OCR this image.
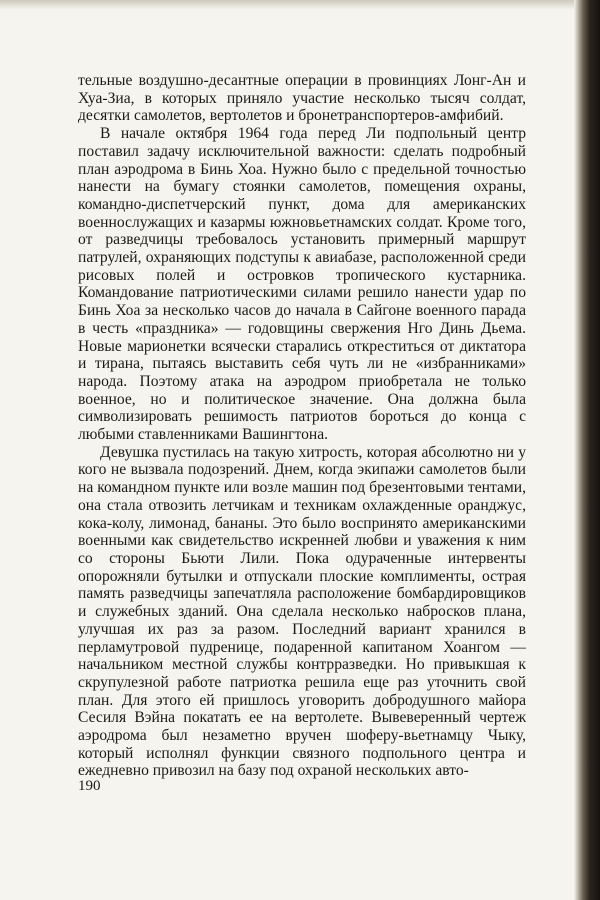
тельные воздушно-десантные операции в провинциях Лонг-Ан и Хуа-Зиа, в которых приняло участие несколько тысяч солдат, десятки самолетов, вертолетов и бронетранспортеров-амфибий.

В начале октября 1964 года перед Ли подпольный центр поставил задачу исключительной важности: сделать подробный план аэродрома в Бинь Хоа. Нужно было с предельной точностью нанести на бумагу стоянки самолетов, помещения охраны, командно-диспетчерский пункт, дома для американских военнослужащих и казармы южновьетнамских солдат. Кроме того, от разведчицы требовалось установить примерный маршрут патрулей, охраняющих подступы к авиабазе, расположенной среди рисовых полей и островков тропического кустарника. Командование патриотическими силами решило нанести удар по Бинь Хоа за несколько часов до начала в Сайгоне военного парада в честь «праздника» — годовщины свержения Нго Динь Дьема. Новые марионетки всячески старались откреститься от диктатора и тирана, пытаясь выставить себя чуть ли не «избранниками» народа. Поэтому атака на аэродром приобретала не только военное, но и политическое значение. Она должна была символизировать решимость патриотов бороться до конца с любыми ставленниками Вашингтона.

Девушка пустилась на такую хитрость, которая абсолютно ни у кого не вызвала подозрений. Днем, когда экипажи самолетов были на командном пункте или возле машин под брезентовыми тентами, она стала отвозить летчикам и техникам охлажденные оранджус, кока-колу, лимонад, бананы. Это было воспринято американскими военными как свидетельство искренней любви и уважения к ним со стороны Бьюти Лили. Пока одураченные интервенты опорожняли бутылки и отпускали плоские комплименты, острая память разведчицы запечатляла расположение бомбардировщиков и служебных зданий. Она сделала несколько набросков плана, улучшая их раз за разом. Последний вариант хранился в перламутровой пудренице, подаренной капитаном Хоангом — начальником местной службы контрразведки. Но привыкшая к скрупулезной работе патриотка решила еще раз уточнить свой план. Для этого ей пришлось уговорить добродушного майора Сесиля Вэйна покатать ее на вертолете. Вывеверенный чертеж аэродрома был незаметно вручен шоферу-вьетнамцу Чыку, который исполнял функции связного подпольного центра и ежедневно привозил на базу под охраной нескольких авто-

190
